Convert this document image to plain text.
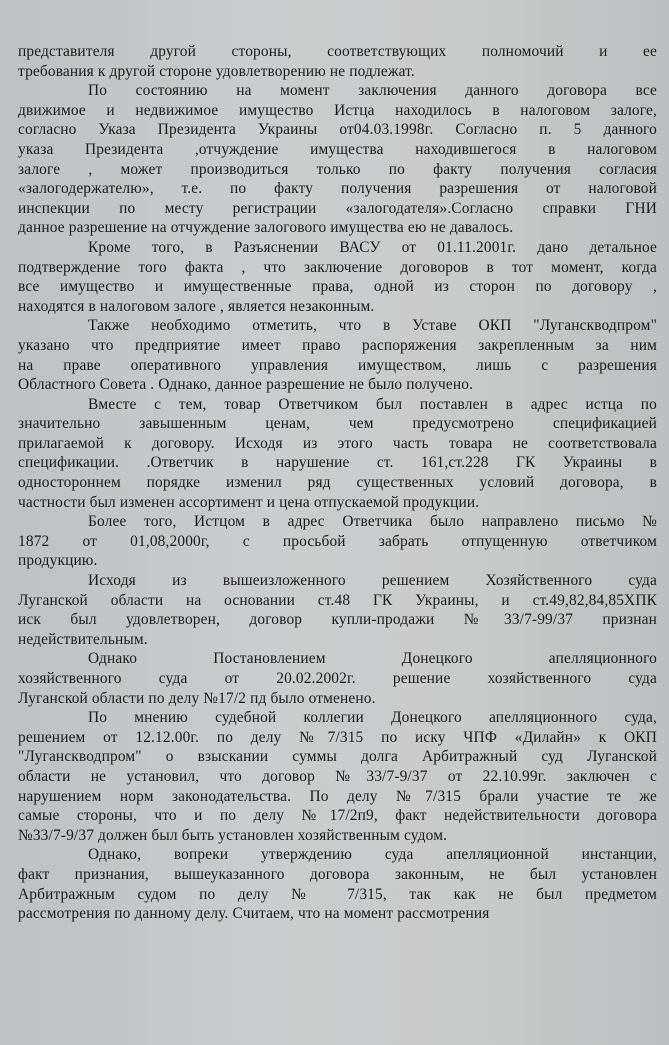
представителя другой стороны, соответствующих полномочий и ее
требования к другой стороне удовлетворению не подлежат.
По состоянию на момент заключения данного договора все
движимое и недвижимое имущество Истца находилось в налоговом залоге,
согласно Указа Президента Украины от04.03.1998г. Согласно п. 5 данного
указа Президента ,отчуждение имущества находившегося в налоговом
залоге , может производиться только по факту получения согласия
«залогодержателю», т.е. по факту получения разрешения от налоговой
инспекции по месту регистрации «залогодателя».Согласно справки ГНИ
данное разрешение на отчуждение залогового имущества ею не давалось.
Кроме того, в Разъяснении ВАСУ от 01.11.2001г. дано детальное
подтверждение того факта , что заключение договоров в тот момент, когда
все имущество и имущественные права, одной из сторон по договору ,
находятся в налоговом залоге , является незаконным.
Также необходимо отметить, что в Уставе ОКП "Луганскводпром"
указано что предприятие имеет право распоряжения закрепленным за ним
на праве оперативного управления имуществом, лишь с разрешения
Областного Совета . Однако, данное разрешение не было получено.
Вместе с тем, товар Ответчиком был поставлен в адрес истца по
значительно завышенным ценам, чем предусмотрено спецификацией
прилагаемой к договору. Исходя из этого часть товара не соответствовала
спецификации. .Ответчик в нарушение ст. 161,ст.228 ГК Украины в
одностороннем порядке изменил ряд существенных условий договора, в
частности был изменен ассортимент и цена отпускаемой продукции.
Более того, Истцом в адрес Ответчика было направлено письмо №
1872 от 01,08,2000г, с просьбой забрать отпущенную ответчиком
продукцию.
Исходя из вышеизложенного решением Хозяйственного суда
Луганской области на основании ст.48 ГК Украины, и ст.49,82,84,85ХПК
иск был удовлетворен, договор купли-продажи №33/7-99/37 признан
недействительным.
Однако Постановлением Донецкого апелляционного
хозяйственного суда от 20.02.2002г. решение хозяйственного суда
Луганской области по делу №17/2 пд было отменено.
По мнению судебной коллегии Донецкого апелляционного суда,
решением от 12.12.00г. по делу №7/315 по иску ЧПФ «Дилайн» к ОКП
"Луганскводпром" о взыскании суммы долга Арбитражный суд Луганской
области не установил, что договор №33/7-9/37 от 22.10.99г. заключен с
нарушением норм законодательства. По делу №7/315 брали участие те же
самые стороны, что и по делу №17/2п9, факт недействительности договора
№33/7-9/37 должен был быть установлен хозяйственным судом.
Однако, вопреки утверждению суда апелляционной инстанции,
факт признания, вышеуказанного договора законным, не был установлен
Арбитражным судом по делу № 7/315, так как не был предметом
рассмотрения по данному делу. Считаем, что на момент рассмотрения
